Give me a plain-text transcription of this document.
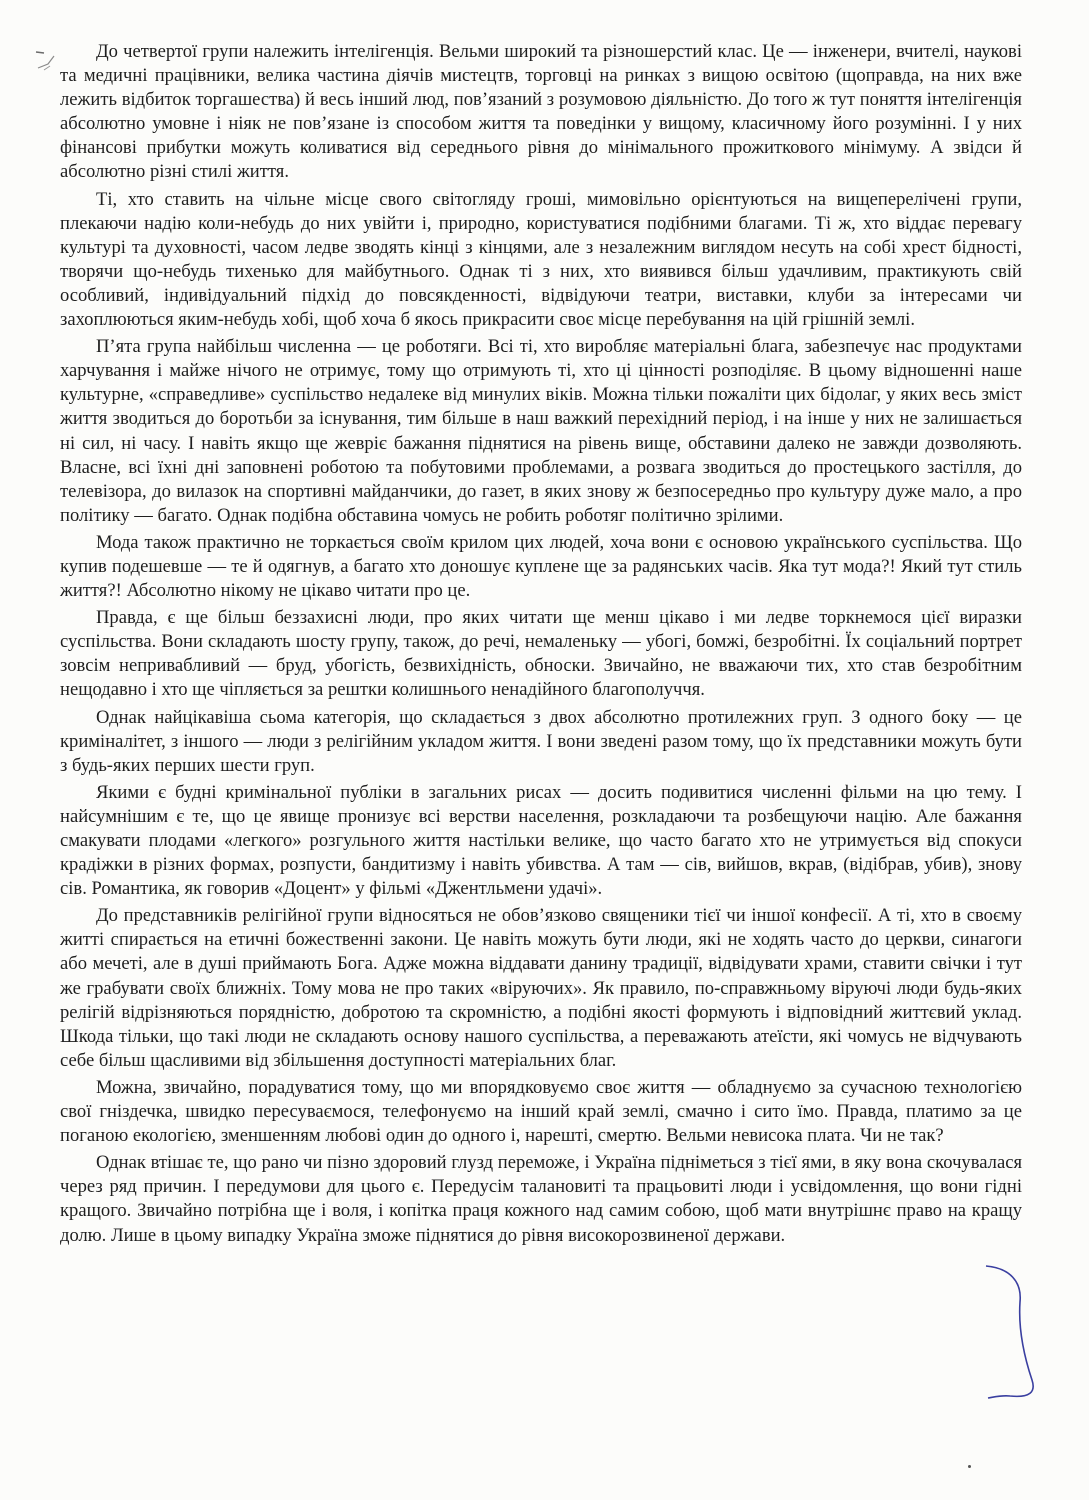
До четвертої групи належить інтелігенція. Вельми широкий та різношерстий клас. Це — інженери, вчителі, наукові та медичні працівники, велика частина діячів мистецтв, торговці на ринках з вищою освітою (щоправда, на них вже лежить відбиток торгашества) й весь інший люд, пов’язаний з розумовою діяльністю. До того ж тут поняття інтелігенція абсолютно умовне і ніяк не пов’язане із способом життя та поведінки у вищому, класичному його розумінні. І у них фінансові прибутки можуть коливатися від середнього рівня до мінімального прожиткового мінімуму. А звідси й абсолютно різні стилі життя.

Ті, хто ставить на чільне місце свого світогляду гроші, мимовільно орієнтуються на вищеперелічені групи, плекаючи надію коли-небудь до них увійти і, природно, користуватися подібними благами. Ті ж, хто віддає перевагу культурі та духовності, часом ледве зводять кінці з кінцями, але з незалежним виглядом несуть на собі хрест бідності, творячи що-небудь тихенько для майбутнього. Однак ті з них, хто виявився більш удачливим, практикують свій особливий, індивідуальний підхід до повсякденності, відвідуючи театри, виставки, клуби за інтересами чи захоплюються яким-небудь хобі, щоб хоча б якось прикрасити своє місце перебування на цій грішній землі.

П’ята група найбільш численна — це роботяги. Всі ті, хто виробляє матеріальні блага, забезпечує нас продуктами харчування і майже нічого не отримує, тому що отримують ті, хто ці цінності розподіляє. В цьому відношенні наше культурне, «справедливе» суспільство недалеке від минулих віків. Можна тільки пожаліти цих бідолаг, у яких весь зміст життя зводиться до боротьби за існування, тим більше в наш важкий перехідний період, і на інше у них не залишається ні сил, ні часу. І навіть якщо ще жевріє бажання піднятися на рівень вище, обставини далеко не завжди дозволяють. Власне, всі їхні дні заповнені роботою та побутовими проблемами, а розвага зводиться до простецького застілля, до телевізора, до вилазок на спортивні майданчики, до газет, в яких знову ж безпосередньо про культуру дуже мало, а про політику — багато. Однак подібна обставина чомусь не робить роботяг політично зрілими.

Мода також практично не торкається своїм крилом цих людей, хоча вони є основою українського суспільства. Що купив подешевше — те й одягнув, а багато хто доношує куплене ще за радянських часів. Яка тут мода?! Який тут стиль життя?! Абсолютно нікому не цікаво читати про це.

Правда, є ще більш беззахисні люди, про яких читати ще менш цікаво і ми ледве торкнемося цієї виразки суспільства. Вони складають шосту групу, також, до речі, немаленьку — убогі, бомжі, безробітні. Їх соціальний портрет зовсім непривабливий — бруд, убогість, безвихідність, обноски. Звичайно, не вважаючи тих, хто став безробітним нещодавно і хто ще чіпляється за рештки колишнього ненадійного благополуччя.

Однак найцікавіша сьома категорія, що складається з двох абсолютно протилежних груп. З одного боку — це криміналітет, з іншого — люди з релігійним укладом життя. І вони зведені разом тому, що їх представники можуть бути з будь-яких перших шести груп.

Якими є будні кримінальної публіки в загальних рисах — досить подивитися численні фільми на цю тему. І найсумнішим є те, що це явище пронизує всі верстви населення, розкладаючи та розбещуючи націю. Але бажання смакувати плодами «легкого» розгульного життя настільки велике, що часто багато хто не утримується від спокуси крадіжки в різних формах, розпусти, бандитизму і навіть убивства. А там — сів, вийшов, вкрав, (відібрав, убив), знову сів. Романтика, як говорив «Доцент» у фільмі «Джентльмени удачі».

До представників релігійної групи відносяться не обов’язково священики тієї чи іншої конфесії. А ті, хто в своєму житті спирається на етичні божественні закони. Це навіть можуть бути люди, які не ходять часто до церкви, синагоги або мечеті, але в душі приймають Бога. Адже можна віддавати данину традиції, відвідувати храми, ставити свічки і тут же грабувати своїх ближніх. Тому мова не про таких «віруючих». Як правило, по-справжньому віруючі люди будь-яких релігій відрізняються порядністю, добротою та скромністю, а подібні якості формують і відповідний життєвий уклад. Шкода тільки, що такі люди не складають основу нашого суспільства, а переважають атеїсти, які чомусь не відчувають себе більш щасливими від збільшення доступності матеріальних благ.

Можна, звичайно, порадуватися тому, що ми впорядковуємо своє життя — обладнуємо за сучасною технологією свої гніздечка, швидко пересуваємося, телефонуємо на інший край землі, смачно і сито їмо. Правда, платимо за це поганою екологією, зменшенням любові один до одного і, нарешті, смертю. Вельми невисока плата. Чи не так?

Однак втішає те, що рано чи пізно здоровий глузд переможе, і Україна підніметься з тієї ями, в яку вона скочувалася через ряд причин. І передумови для цього є. Передусім талановиті та працьовиті люди і усвідомлення, що вони гідні кращого. Звичайно потрібна ще і воля, і копітка праця кожного над самим собою, щоб мати внутрішнє право на кращу долю. Лише в цьому випадку Україна зможе піднятися до рівня високорозвиненої держави.
